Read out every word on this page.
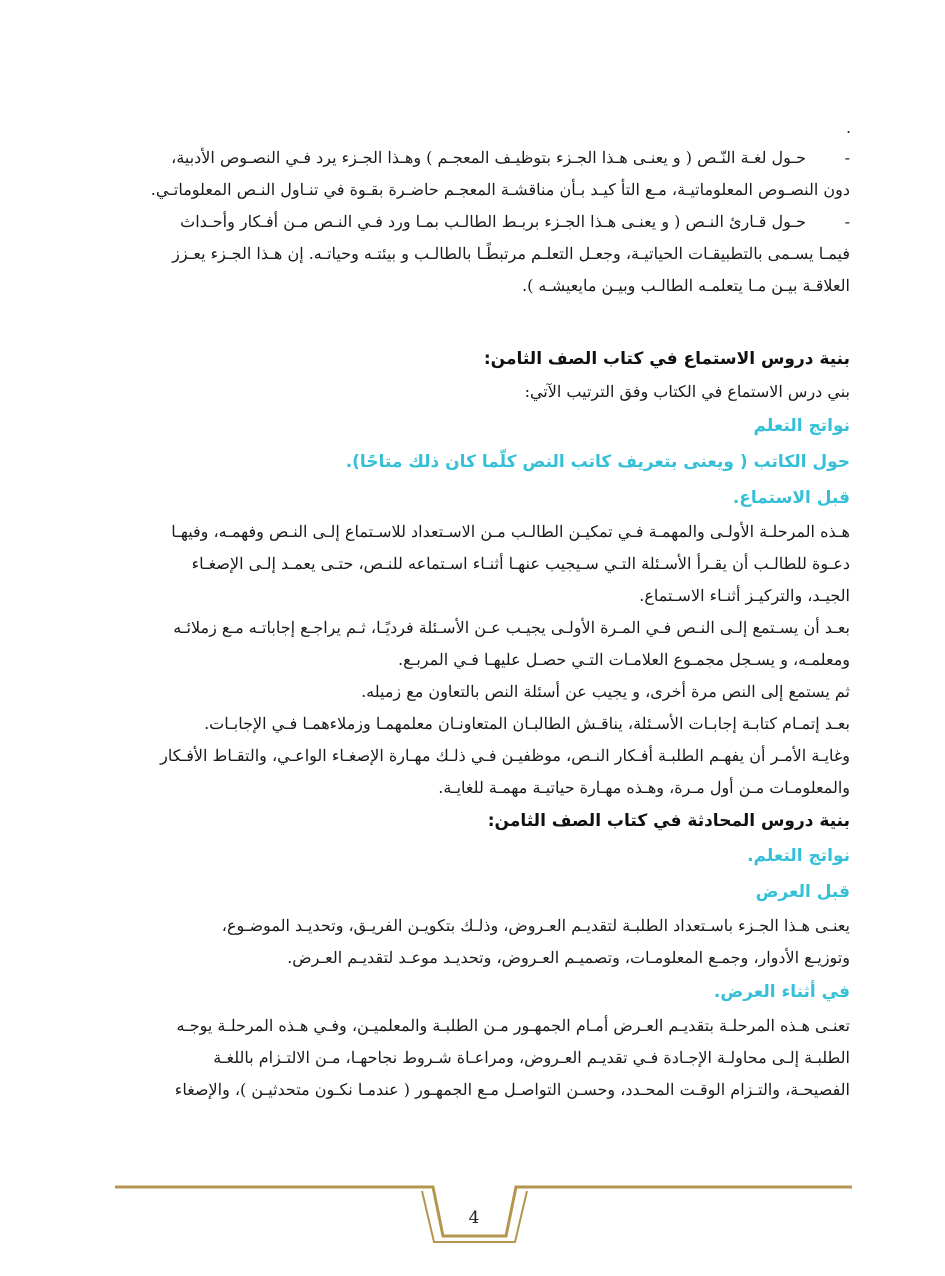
.

-حـول لغـة النّـص ( و يعنـى هـذا الجـزء بتوظيـف المعجـم ) وهـذا الجـزء يرد فـي النصـوص الأدبية،

دون النصـوص المعلوماتيـة، مـع التأ كيـد بـأن مناقشـة المعجـم حاضـرة بقـوة في تنـاول النـص المعلوماتـي.

-حـول قـارئ النـص ( و يعنـى هـذا الجـزء بربـط الطالـب بمـا ورد فـي النـص مـن أفـكار وأحـداث

فيمـا يسـمى بالتطبيقـات الحياتيـة، وجعـل التعلـم مرتبطًـا بالطالـب و بيئتـه وحياتـه. إن هـذا الجـزء يعـزز

العلاقـة بيـن مـا يتعلمـه الطالـب وبيـن مايعيشـه ).

بنية دروس الاستماع في كتاب الصف الثامن:

بني درس الاستماع في الكتاب وفق الترتيب الآتي:

نواتج التعلم
حول الكاتب ( ويعنى بتعريف كاتب النص كلّما كان ذلك متاحًا).
قبل الاستماع.

هـذه المرحلـة الأولـى والمهمـة فـي تمكيـن الطالـب مـن الاسـتعداد للاسـتماع إلـى النـص وفهمـه، وفيهـا

دعـوة للطالـب أن يقـرأ الأسـئلة التـي سـيجيب عنهـا أثنـاء اسـتماعه للنـص، حتـى يعمـد إلـى الإصغـاء

الجيـد، والتركيـز أثنـاء الاسـتماع.

بعـد أن يسـتمع إلـى النـص فـي المـرة الأولـى يجيـب عـن الأسـئلة فرديًـا، ثـم يراجـع إجاباتـه مـع زملائـه

ومعلمـه، و يسـجل مجمـوع العلامـات التـي حصـل عليهـا فـي المربـع.

ثم يستمع إلى النص مرة أخرى، و يجيب عن أسئلة النص بالتعاون مع زميله.

بعـد إتمـام كتابـة إجابـات الأسـئلة، يناقـش الطالبـان المتعاونـان معلمهمـا وزملاءهمـا فـي الإجابـات.

وغايـة الأمـر أن يفهـم الطلبـة أفـكار النـص، موظفيـن فـي ذلـك مهـارة الإصغـاء الواعـي، والتقـاط الأفـكار

والمعلومـات مـن أول مـرة، وهـذه مهـارة حياتيـة مهمـة للغايـة.

بنية دروس المحادثة في كتاب الصف الثامن:
نواتج التعلم.
قبل العرض

يعنـى هـذا الجـزء باسـتعداد الطلبـة لتقديـم العـروض، وذلـك بتكويـن الفريـق، وتحديـد الموضـوع،

وتوزيـع الأدوار، وجمـع المعلومـات، وتصميـم العـروض، وتحديـد موعـد لتقديـم العـرض.

في أثناء العرض.

تعنـى هـذه المرحلـة بتقديـم العـرض أمـام الجمهـور مـن الطلبـة والمعلميـن، وفـي هـذه المرحلـة يوجـه

الطلبـة إلـى محاولـة الإجـادة فـي تقديـم العـروض، ومراعـاة شـروط نجاحهـا، مـن الالتـزام باللغـة

الفصيحـة، والتـزام الوقـت المحـدد، وحسـن التواصـل مـع الجمهـور ( عندمـا نكـون متحدثيـن )، والإصغاء

4
